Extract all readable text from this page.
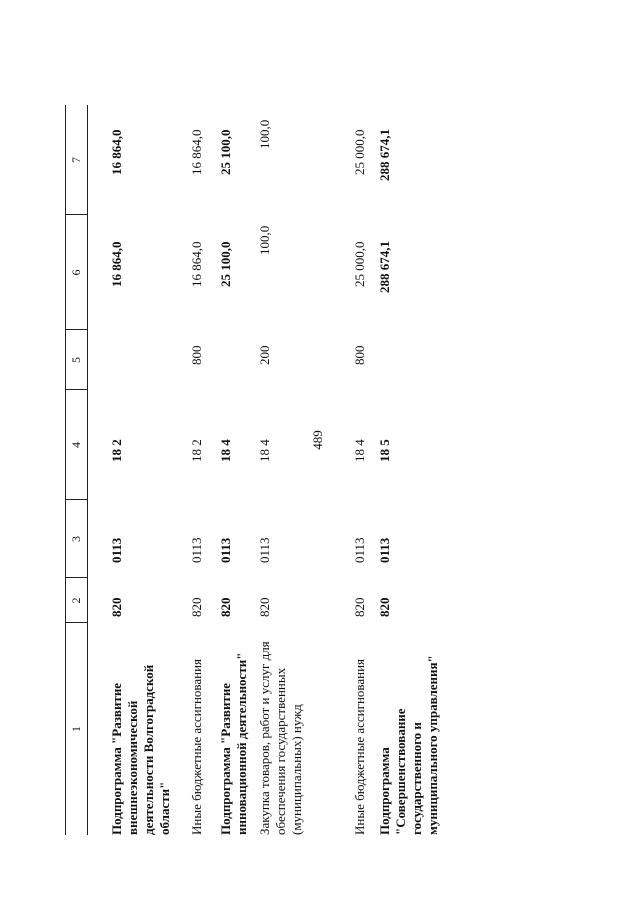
489
1
2
3
4
5
6
7
Подпрограмма "Развитие внешнеэкономической деятельности Волгоградской области"
820
0113
18 2
16 864,0
16 864,0
Иные бюджетные ассигнования
820
0113
18 2
800
16 864,0
16 864,0
Подпрограмма "Развитие инновационной деятельности"
820
0113
18 4
25 100,0
25 100,0
Закупка товаров, работ и услуг для обеспечения государственных (муниципальных) нужд
820
0113
18 4
200
100,0
100,0
Иные бюджетные ассигнования
820
0113
18 4
800
25 000,0
25 000,0
Подпрограмма "Совершенствование государственного и муниципального управления"
820
0113
18 5
288 674,1
288 674,1
